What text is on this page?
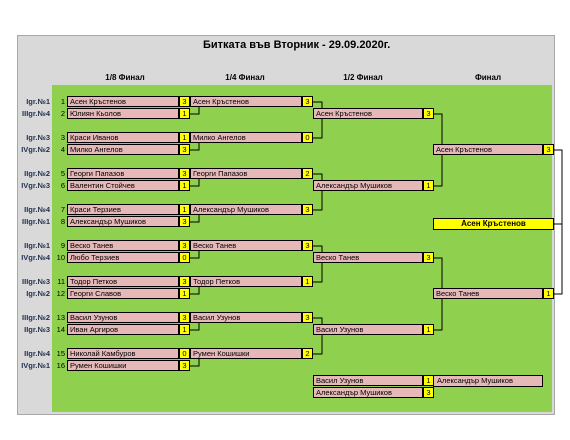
Битката във Вторник - 29.09.2020г.
1/8 Финал	1/4 Финал	1/2 Финал	Финал
Igr.№1	1 Асен Кръстенов	3
IIIgr.№4	2 Юлиян Кьолов	1
Igr.№3	3 Краси Иванов	1
IVgr.№2	4 Милко Ангелов	3
IIgr.№2	5 Георги Папазов	3
IVgr.№3	6 Валентин Стойчев	1
IIgr.№4	7 Краси Терзиев	1
IIIgr.№1	8 Александър Мушиков	3
IIgr.№1	9 Веско Танев	3
IVgr.№4 10 Любо Терзиев	0
IIIgr.№3 11 Тодор Петков	3
Igr.№2 12 Георги Славов	1
IIIgr.№2 13 Васил Узунов	3
IIgr.№3 14 Иван Аргиров	1
IIgr.№4 15 Николай Камбуров	0
IVgr.№1 16 Румен Кошишки	3
Асен Кръстенов	3
Милко Ангелов	0
Георги Папазов	2
Александър Мушиков	3
Веско Танев	3
Тодор Петков	1
Васил Узунов	3
Румен Кошишки	2
Асен Кръстенов	3
Александър Мушиков	1
Веско Танев	3
Васил Узунов	1
Асен Кръстенов	3
Веско Танев	1
Асен Кръстенов
Васил Узунов	1
Александър Мушиков	3
Александър Мушиков
